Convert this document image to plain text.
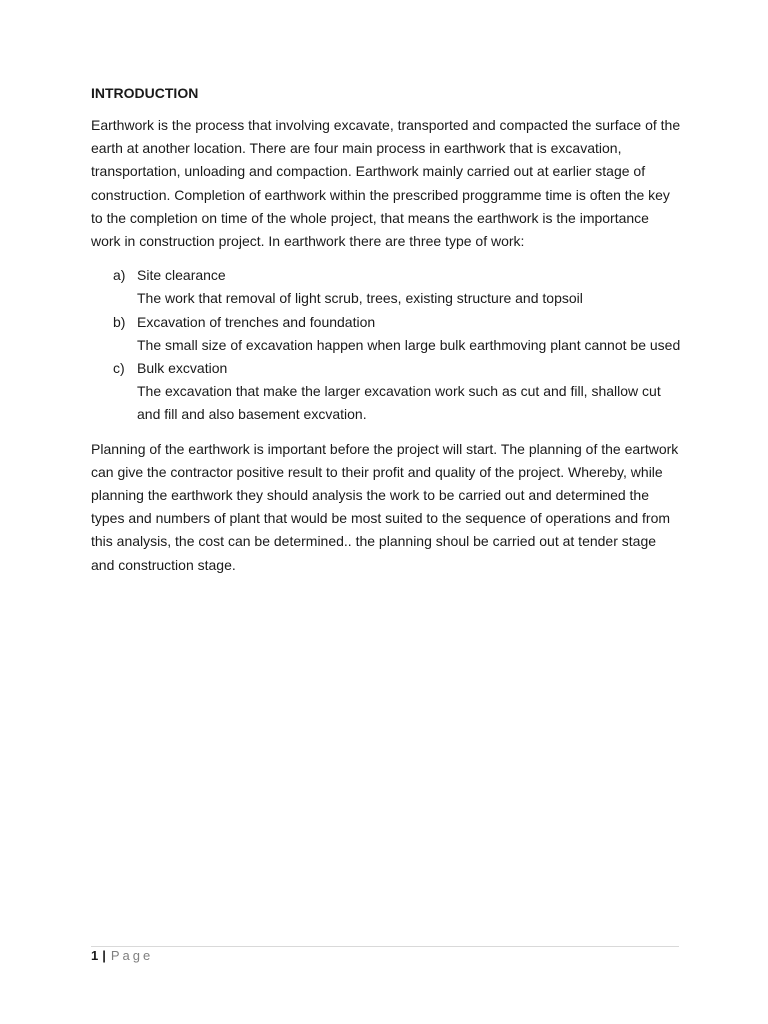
INTRODUCTION

Earthwork is the process that involving excavate, transported and compacted the surface of the earth at another location. There are four main process in earthwork that is excavation, transportation, unloading and compaction. Earthwork mainly carried out at earlier stage of construction. Completion of earthwork within the prescribed proggramme time is often the key to the completion on time of the whole project, that means the earthwork is the importance work in construction project. In earthwork there are three type of work:

a) Site clearance
The work that removal of light scrub, trees, existing structure and topsoil
b) Excavation of trenches and foundation
The small size of excavation happen when large bulk earthmoving plant cannot be used
c) Bulk excvation
The excavation that make the larger excavation work such as cut and fill, shallow cut and fill and also basement excvation.

Planning of the earthwork is important before the project will start. The planning of the eartwork can give the contractor positive result to their profit and quality of the project. Whereby, while planning the earthwork they should analysis the work to be carried out and determined the types and numbers of plant that would be most suited to the sequence of operations and from this analysis, the cost can be determined.. the planning shoul be carried out at tender stage and construction stage.

1 | Page
